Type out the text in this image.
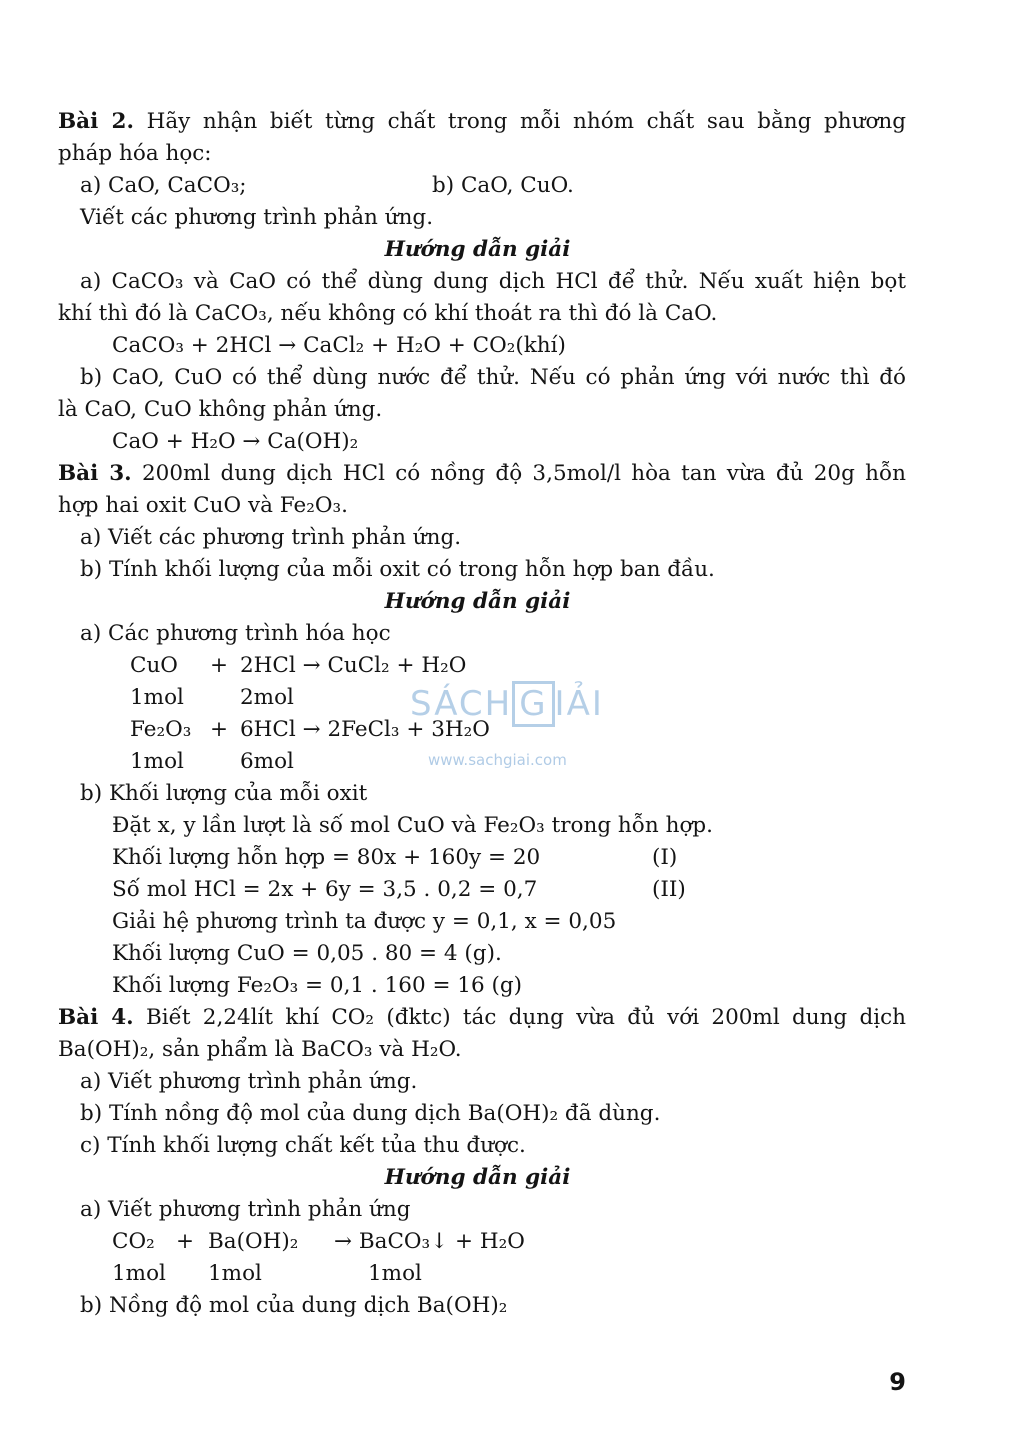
Bài 2. Hãy nhận biết từng chất trong mỗi nhóm chất sau bằng phương
pháp hóa học:
a) CaO, CaCO₃;	b) CaO, CuO.
Viết các phương trình phản ứng.
Hướng dẫn giải
a) CaCO₃ và CaO có thể dùng dung dịch HCl để thử. Nếu xuất hiện bọt
khí thì đó là CaCO₃, nếu không có khí thoát ra thì đó là CaO.
CaCO₃ + 2HCl → CaCl₂ + H₂O + CO₂(khí)
b) CaO, CuO có thể dùng nước để thử. Nếu có phản ứng với nước thì đó
là CaO, CuO không phản ứng.
CaO + H₂O → Ca(OH)₂
Bài 3. 200ml dung dịch HCl có nồng độ 3,5mol/l hòa tan vừa đủ 20g hỗn
hợp hai oxit CuO và Fe₂O₃.
a) Viết các phương trình phản ứng.
b) Tính khối lượng của mỗi oxit có trong hỗn hợp ban đầu.
Hướng dẫn giải
a) Các phương trình hóa học
CuO + 2HCl → CuCl₂ + H₂O
1mol	2mol
Fe₂O₃ + 6HCl → 2FeCl₃ + 3H₂O
1mol	6mol
b) Khối lượng của mỗi oxit
Đặt x, y lần lượt là số mol CuO và Fe₂O₃ trong hỗn hợp.
Khối lượng hỗn hợp = 80x + 160y = 20	(I)
Số mol HCl = 2x + 6y = 3,5 . 0,2 = 0,7	(II)
Giải hệ phương trình ta được y = 0,1, x = 0,05
Khối lượng CuO = 0,05 . 80 = 4 (g).
Khối lượng Fe₂O₃ = 0,1 . 160 = 16 (g)
Bài 4. Biết 2,24lít khí CO₂ (đktc) tác dụng vừa đủ với 200ml dung dịch
Ba(OH)₂, sản phẩm là BaCO₃ và H₂O.
a) Viết phương trình phản ứng.
b) Tính nồng độ mol của dung dịch Ba(OH)₂ đã dùng.
c) Tính khối lượng chất kết tủa thu được.
Hướng dẫn giải
a) Viết phương trình phản ứng
CO₂ + Ba(OH)₂ → BaCO₃↓ + H₂O
1mol 1mol	1mol
b) Nồng độ mol của dung dịch Ba(OH)₂
SÁCH G IẢI
www.sachgiai.com
9
